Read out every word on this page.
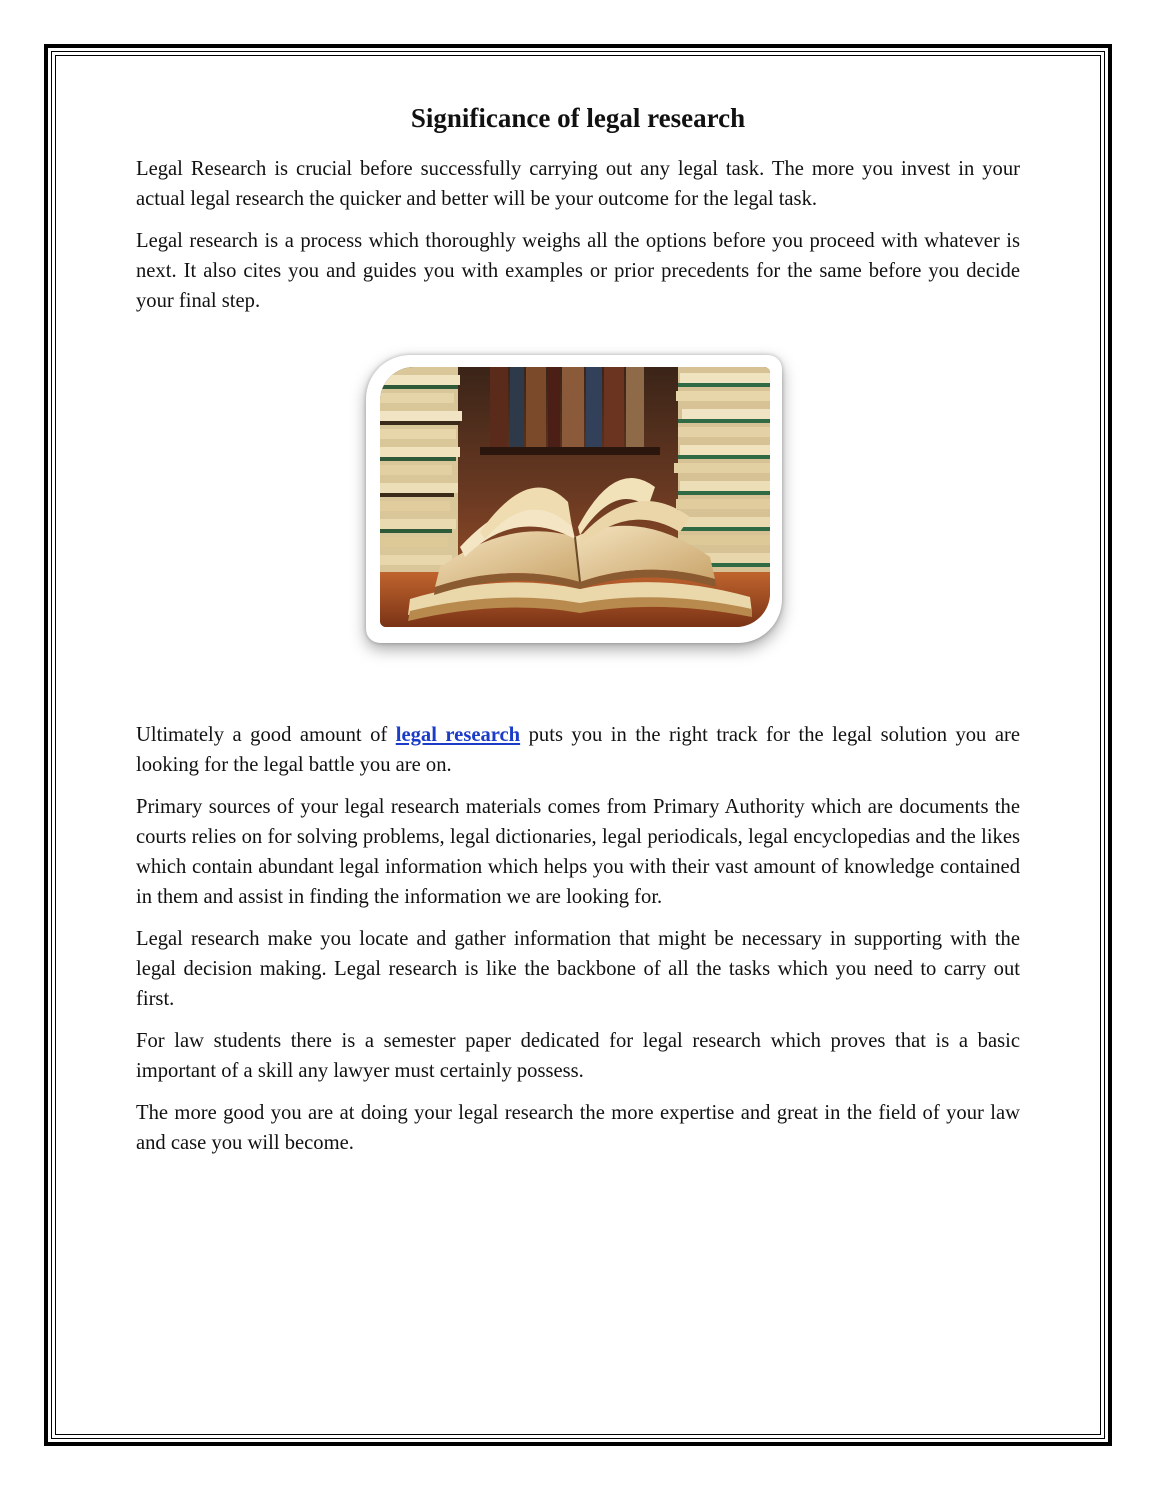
Significance of legal research

Legal Research is crucial before successfully carrying out any legal task. The more you invest in your actual legal research the quicker and better will be your outcome for the legal task.

Legal research is a process which thoroughly weighs all the options before you proceed with whatever is next. It also cites you and guides you with examples or prior precedents for the same before you decide your final step.

Ultimately a good amount of legal research puts you in the right track for the legal solution you are looking for the legal battle you are on.

Primary sources of your legal research materials comes from Primary Authority which are documents the courts relies on for solving problems, legal dictionaries, legal periodicals, legal encyclopedias and the likes which contain abundant legal information which helps you with their vast amount of knowledge contained in them and assist in finding the information we are looking for.

Legal research make you locate and gather information that might be necessary in supporting with the legal decision making. Legal research is like the backbone of all the tasks which you need to carry out first.

For law students there is a semester paper dedicated for legal research which proves that is a basic important of a skill any lawyer must certainly possess.

The more good you are at doing your legal research the more expertise and great in the field of your law and case you will become.
